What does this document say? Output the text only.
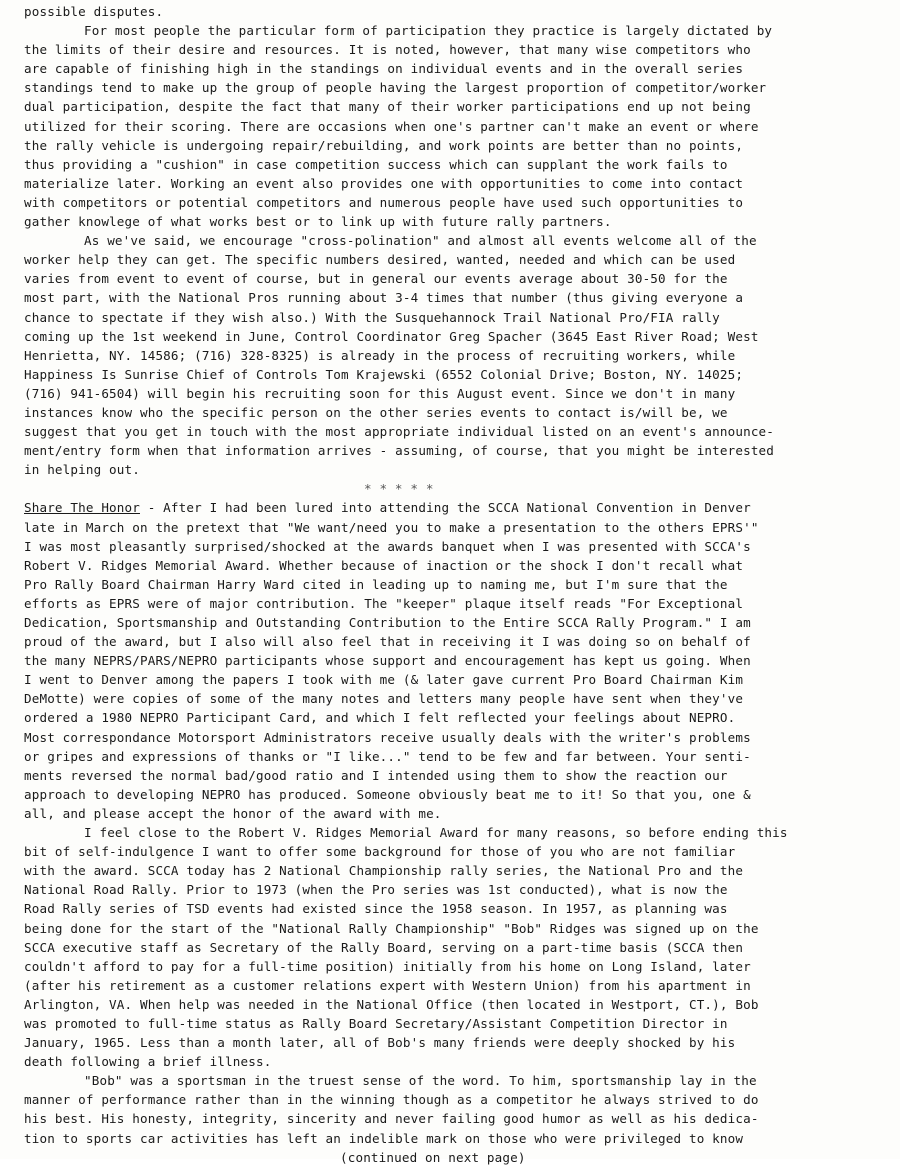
possible disputes.
For most people the particular form of participation they practice is largely dictated by
the limits of their desire and resources. It is noted, however, that many wise competitors who
are capable of finishing high in the standings on individual events and in the overall series
standings tend to make up the group of people having the largest proportion of competitor/worker
dual participation, despite the fact that many of their worker participations end up not being
utilized for their scoring. There are occasions when one's partner can't make an event or where
the rally vehicle is undergoing repair/rebuilding, and work points are better than no points,
thus providing a "cushion" in case competition success which can supplant the work fails to
materialize later. Working an event also provides one with opportunities to come into contact
with competitors or potential competitors and numerous people have used such opportunities to
gather knowlege of what works best or to link up with future rally partners.
As we've said, we encourage "cross-polination" and almost all events welcome all of the
worker help they can get. The specific numbers desired, wanted, needed and which can be used
varies from event to event of course, but in general our events average about 30-50 for the
most part, with the National Pros running about 3-4 times that number (thus giving everyone a
chance to spectate if they wish also.) With the Susquehannock Trail National Pro/FIA rally
coming up the 1st weekend in June, Control Coordinator Greg Spacher (3645 East River Road; West
Henrietta, NY. 14586; (716) 328-8325) is already in the process of recruiting workers, while
Happiness Is Sunrise Chief of Controls Tom Krajewski (6552 Colonial Drive; Boston, NY. 14025;
(716) 941-6504) will begin his recruiting soon for this August event. Since we don't in many
instances know who the specific person on the other series events to contact is/will be, we
suggest that you get in touch with the most appropriate individual listed on an event's announce-
ment/entry form when that information arrives - assuming, of course, that you might be interested
in helping out.
* * * * *
Share The Honor - After I had been lured into attending the SCCA National Convention in Denver
late in March on the pretext that "We want/need you to make a presentation to the others EPRS'"
I was most pleasantly surprised/shocked at the awards banquet when I was presented with SCCA's
Robert V. Ridges Memorial Award. Whether because of inaction or the shock I don't recall what
Pro Rally Board Chairman Harry Ward cited in leading up to naming me, but I'm sure that the
efforts as EPRS were of major contribution. The "keeper" plaque itself reads "For Exceptional
Dedication, Sportsmanship and Outstanding Contribution to the Entire SCCA Rally Program." I am
proud of the award, but I also will also feel that in receiving it I was doing so on behalf of
the many NEPRS/PARS/NEPRO participants whose support and encouragement has kept us going. When
I went to Denver among the papers I took with me (& later gave current Pro Board Chairman Kim
DeMotte) were copies of some of the many notes and letters many people have sent when they've
ordered a 1980 NEPRO Participant Card, and which I felt reflected your feelings about NEPRO.
Most correspondance Motorsport Administrators receive usually deals with the writer's problems
or gripes and expressions of thanks or "I like..." tend to be few and far between. Your senti-
ments reversed the normal bad/good ratio and I intended using them to show the reaction our
approach to developing NEPRO has produced. Someone obviously beat me to it! So that you, one &
all, and please accept the honor of the award with me.
I feel close to the Robert V. Ridges Memorial Award for many reasons, so before ending this
bit of self-indulgence I want to offer some background for those of you who are not familiar
with the award. SCCA today has 2 National Championship rally series, the National Pro and the
National Road Rally. Prior to 1973 (when the Pro series was 1st conducted), what is now the
Road Rally series of TSD events had existed since the 1958 season. In 1957, as planning was
being done for the start of the "National Rally Championship" "Bob" Ridges was signed up on the
SCCA executive staff as Secretary of the Rally Board, serving on a part-time basis (SCCA then
couldn't afford to pay for a full-time position) initially from his home on Long Island, later
(after his retirement as a customer relations expert with Western Union) from his apartment in
Arlington, VA. When help was needed in the National Office (then located in Westport, CT.), Bob
was promoted to full-time status as Rally Board Secretary/Assistant Competition Director in
January, 1965. Less than a month later, all of Bob's many friends were deeply shocked by his
death following a brief illness.
"Bob" was a sportsman in the truest sense of the word. To him, sportsmanship lay in the
manner of performance rather than in the winning though as a competitor he always strived to do
his best. His honesty, integrity, sincerity and never failing good humor as well as his dedica-
tion to sports car activities has left an indelible mark on those who were privileged to know
(continued on next page)
